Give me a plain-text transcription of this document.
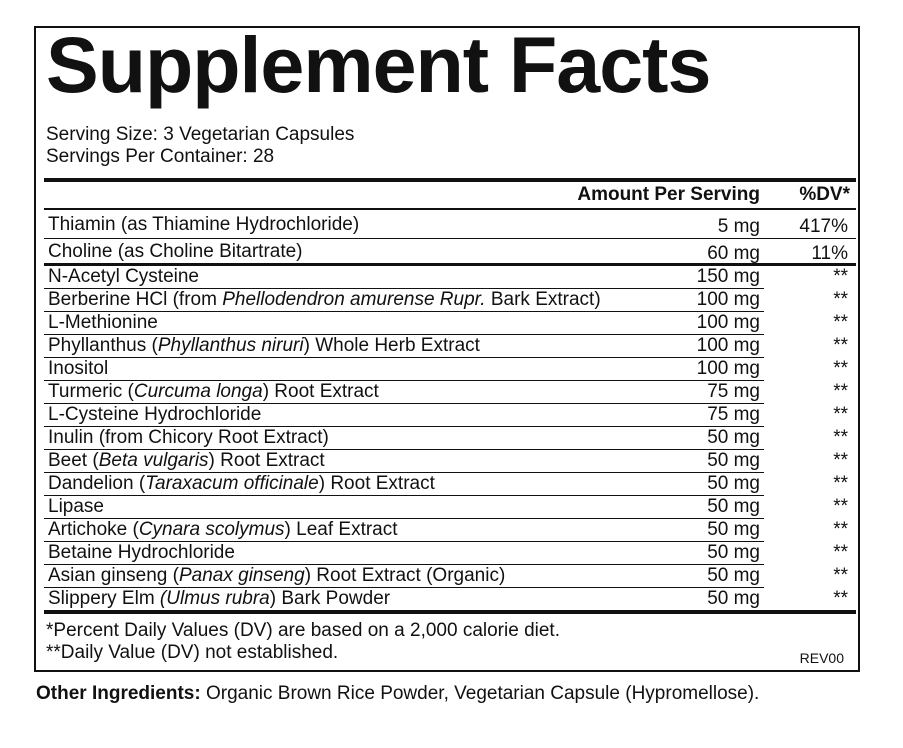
Supplement Facts
Serving Size: 3 Vegetarian Capsules
Servings Per Container: 28
Amount Per Serving %DV*
Thiamin (as Thiamine Hydrochloride)	5 mg 417%
Choline (as Choline Bitartrate)	60 mg	11%
N-Acetyl Cysteine	150 mg	**
Berberine HCl (from Phellodendron amurense Rupr. Bark Extract)	100 mg	**
L-Methionine	100 mg	**
Phyllanthus (Phyllanthus niruri) Whole Herb Extract	100 mg	**
Inositol	100 mg	**
Turmeric (Curcuma longa) Root Extract	75 mg	**
L-Cysteine Hydrochloride	75 mg	**
Inulin (from Chicory Root Extract)	50 mg	**
Beet (Beta vulgaris) Root Extract	50 mg	**
Dandelion (Taraxacum officinale) Root Extract	50 mg	**
Lipase	50 mg	**
Artichoke (Cynara scolymus) Leaf Extract	50 mg	**
Betaine Hydrochloride	50 mg	**
Asian ginseng (Panax ginseng) Root Extract (Organic)	50 mg	**
Slippery Elm (Ulmus rubra) Bark Powder	50 mg	**
*Percent Daily Values (DV) are based on a 2,000 calorie diet.
**Daily Value (DV) not established.	REV00
Other Ingredients: Organic Brown Rice Powder, Vegetarian Capsule (Hypromellose).
